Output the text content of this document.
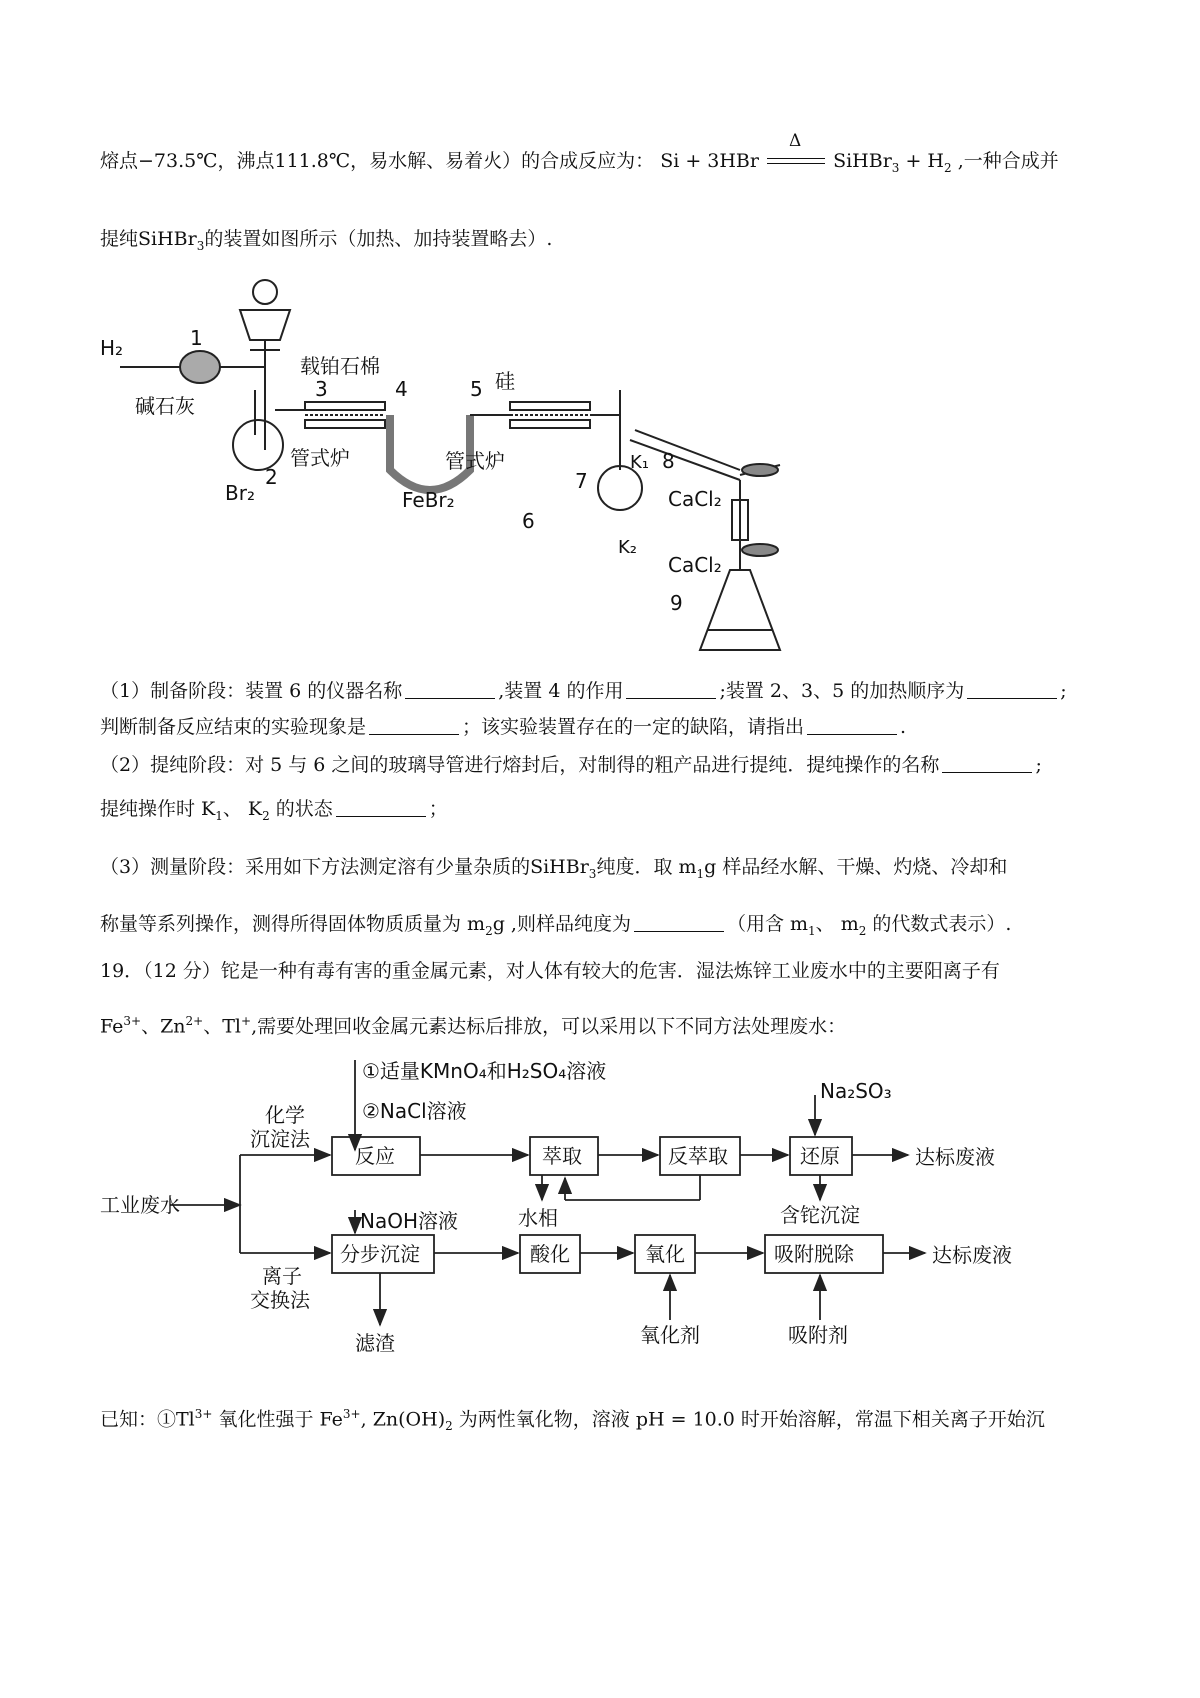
熔点−73.5℃，沸点111.8℃，易水解、易着火）的合成反应为： Si + 3HBr
Δ
SiHBr$_3$ + $H_2$ ,一种合成并
提纯SiHBr$_3$的装置如图所示（加热、加持装置略去）.
H₂	1
碱石灰
载铂石棉
3	4	5 硅
管式炉	管式炉
Br₂
2
FeBr₂
6
7
K₁ 8
CaCl₂
K₂
CaCl₂
9
（1）制备阶段：装置 6 的仪器名称	,装置 4 的作用	;装置 2、3、5 的加热顺序为	;
判断制备反应结束的实验现象是	；该实验装置存在的一定的缺陷，请指出	.
（2）提纯阶段：对 5 与 6 之间的玻璃导管进行熔封后，对制得的粗产品进行提纯．提纯操作的名称	;
提纯操作时 $K_1$、 $K_2$ 的状态	；
（3）测量阶段：采用如下方法测定溶有少量杂质的SiHBr$_3$纯度．取 $m_1g$ 样品经水解、干燥、灼烧、冷却和
称量等系列操作，测得所得固体物质质量为 $m_2g$ ,则样品纯度为	（用含 $m_1$、 $m_2$ 的代数式表示）.
19．（12 分）铊是一种有毒有害的重金属元素，对人体有较大的危害．湿法炼锌工业废水中的主要阳离子有
$Fe^{3+}$、$Zn^{2+}$、Tl+,需要处理回收金属元素达标后排放，可以采用以下不同方法处理废水：
①适量KMnO₄和H₂SO₄溶液
②NaCl溶液
化学
沉淀法
反应	萃取	反萃取
Na₂SO₃
还原	达标废液
水相	含铊沉淀
工业废水
NaOH溶液
分步沉淀	酸化	氧化	吸附脱除	达标废液
离子
交换法
滤渣	氧化剂	吸附剂
已知：$①Tl^{3+}$ 氧化性强于 $Fe^{3+}$, $Zn(OH)_2$ 为两性氧化物，溶液 pH = 10.0 时开始溶解，常温下相关离子开始沉
